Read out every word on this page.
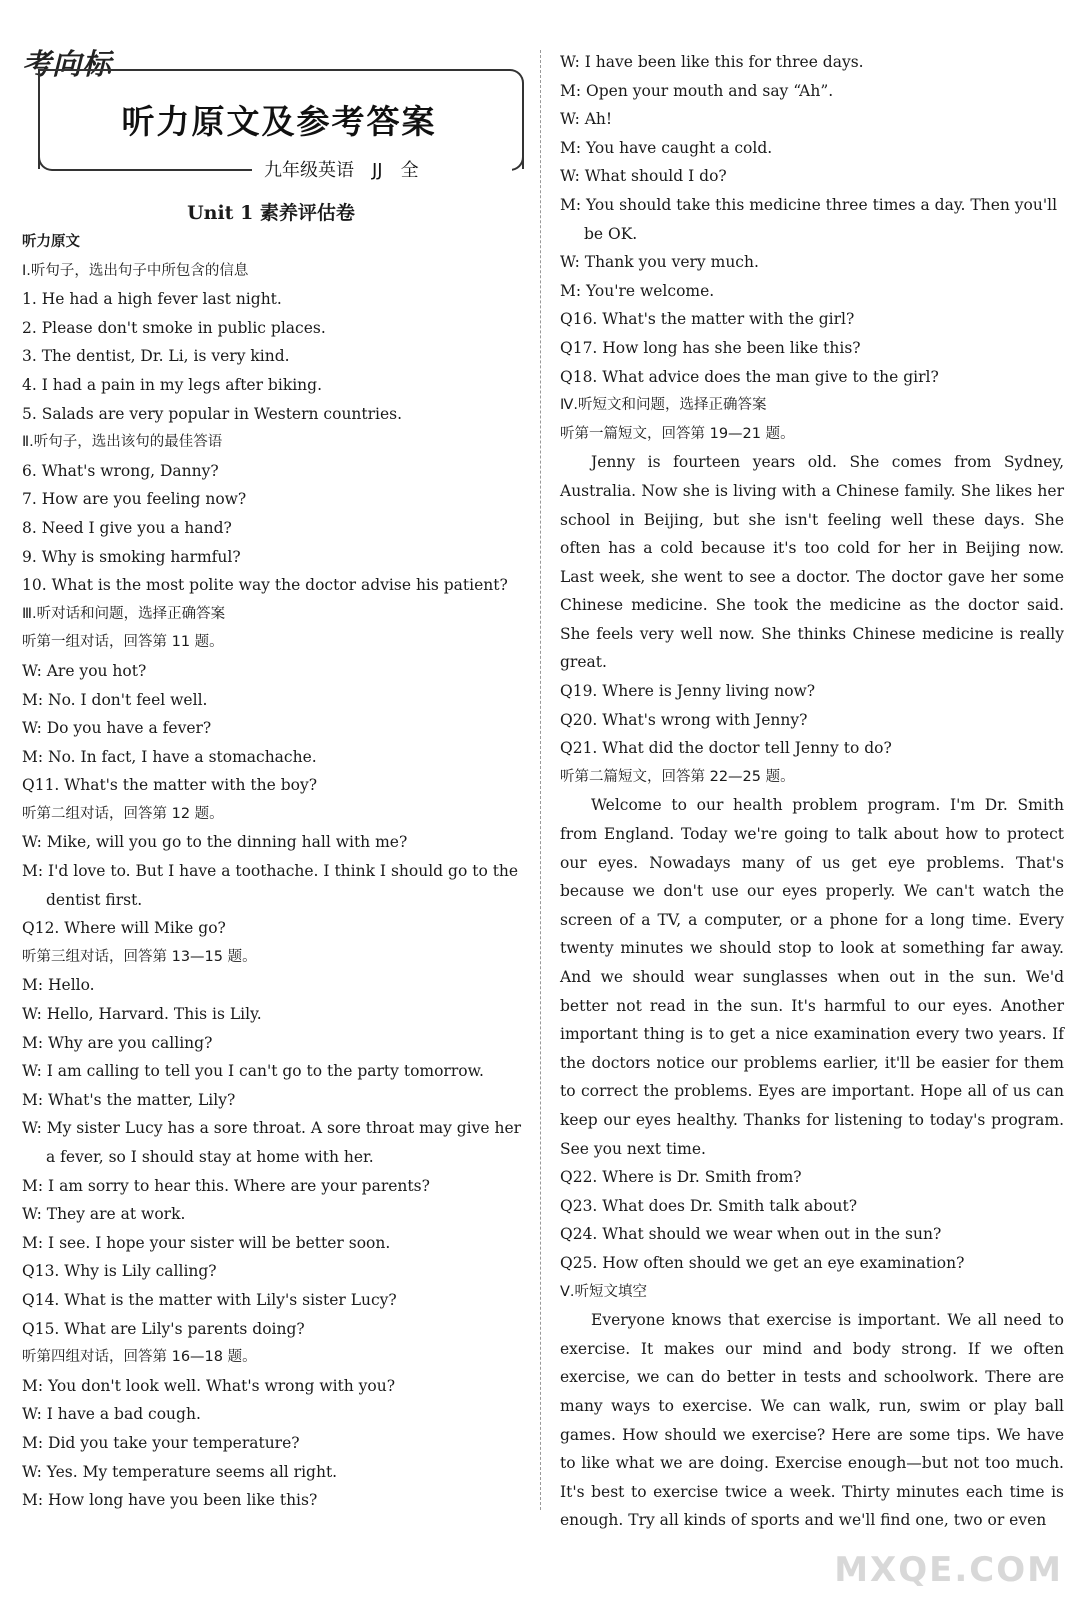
考向标
听力原文及参考答案
九年级英语　JJ　全
Unit 1 素养评估卷
听力原文
Ⅰ.听句子，选出句子中所包含的信息
1. He had a high fever last night.
2. Please don't smoke in public places.
3. The dentist, Dr. Li, is very kind.
4. I had a pain in my legs after biking.
5. Salads are very popular in Western countries.
Ⅱ.听句子，选出该句的最佳答语
6. What's wrong, Danny?
7. How are you feeling now?
8. Need I give you a hand?
9. Why is smoking harmful?
10. What is the most polite way the doctor advise his patient?
Ⅲ.听对话和问题，选择正确答案
听第一组对话，回答第 11 题。
W: Are you hot?
M: No. I don't feel well.
W: Do you have a fever?
M: No. In fact, I have a stomachache.
Q11. What's the matter with the boy?
听第二组对话，回答第 12 题。
W: Mike, will you go to the dinning hall with me?
M: I'd love to. But I have a toothache. I think I should go to the dentist first.
Q12. Where will Mike go?
听第三组对话，回答第 13—15 题。
M: Hello.
W: Hello, Harvard. This is Lily.
M: Why are you calling?
W: I am calling to tell you I can't go to the party tomorrow.
M: What's the matter, Lily?
W: My sister Lucy has a sore throat. A sore throat may give her a fever, so I should stay at home with her.
M: I am sorry to hear this. Where are your parents?
W: They are at work.
M: I see. I hope your sister will be better soon.
Q13. Why is Lily calling?
Q14. What is the matter with Lily's sister Lucy?
Q15. What are Lily's parents doing?
听第四组对话，回答第 16—18 题。
M: You don't look well. What's wrong with you?
W: I have a bad cough.
M: Did you take your temperature?
W: Yes. My temperature seems all right.
M: How long have you been like this?
W: I have been like this for three days.
M: Open your mouth and say “Ah”.
W: Ah!
M: You have caught a cold.
W: What should I do?
M: You should take this medicine three times a day. Then you'll be OK.
W: Thank you very much.
M: You're welcome.
Q16. What's the matter with the girl?
Q17. How long has she been like this?
Q18. What advice does the man give to the girl?
Ⅳ.听短文和问题，选择正确答案
听第一篇短文，回答第 19—21 题。
Jenny is fourteen years old. She comes from Sydney, Australia. Now she is living with a Chinese family. She likes her school in Beijing, but she isn't feeling well these days. She often has a cold because it's too cold for her in Beijing now. Last week, she went to see a doctor. The doctor gave her some Chinese medicine. She took the medicine as the doctor said. She feels very well now. She thinks Chinese medicine is really great.
Q19. Where is Jenny living now?
Q20. What's wrong with Jenny?
Q21. What did the doctor tell Jenny to do?
听第二篇短文，回答第 22—25 题。
Welcome to our health problem program. I'm Dr. Smith from England. Today we're going to talk about how to protect our eyes. Nowadays many of us get eye problems. That's because we don't use our eyes properly. We can't watch the screen of a TV, a computer, or a phone for a long time. Every twenty minutes we should stop to look at something far away. And we should wear sunglasses when out in the sun. We'd better not read in the sun. It's harmful to our eyes. Another important thing is to get a nice examination every two years. If the doctors notice our problems earlier, it'll be easier for them to correct the problems. Eyes are important. Hope all of us can keep our eyes healthy. Thanks for listening to today's program. See you next time.
Q22. Where is Dr. Smith from?
Q23. What does Dr. Smith talk about?
Q24. What should we wear when out in the sun?
Q25. How often should we get an eye examination?
Ⅴ.听短文填空
Everyone knows that exercise is important. We all need to exercise. It makes our mind and body strong. If we often exercise, we can do better in tests and schoolwork. There are many ways to exercise. We can walk, run, swim or play ball games. How should we exercise? Here are some tips. We have to like what we are doing. Exercise enough—but not too much. It's best to exercise twice a week. Thirty minutes each time is enough. Try all kinds of sports and we'll find one, two or even
MXQE.COM
